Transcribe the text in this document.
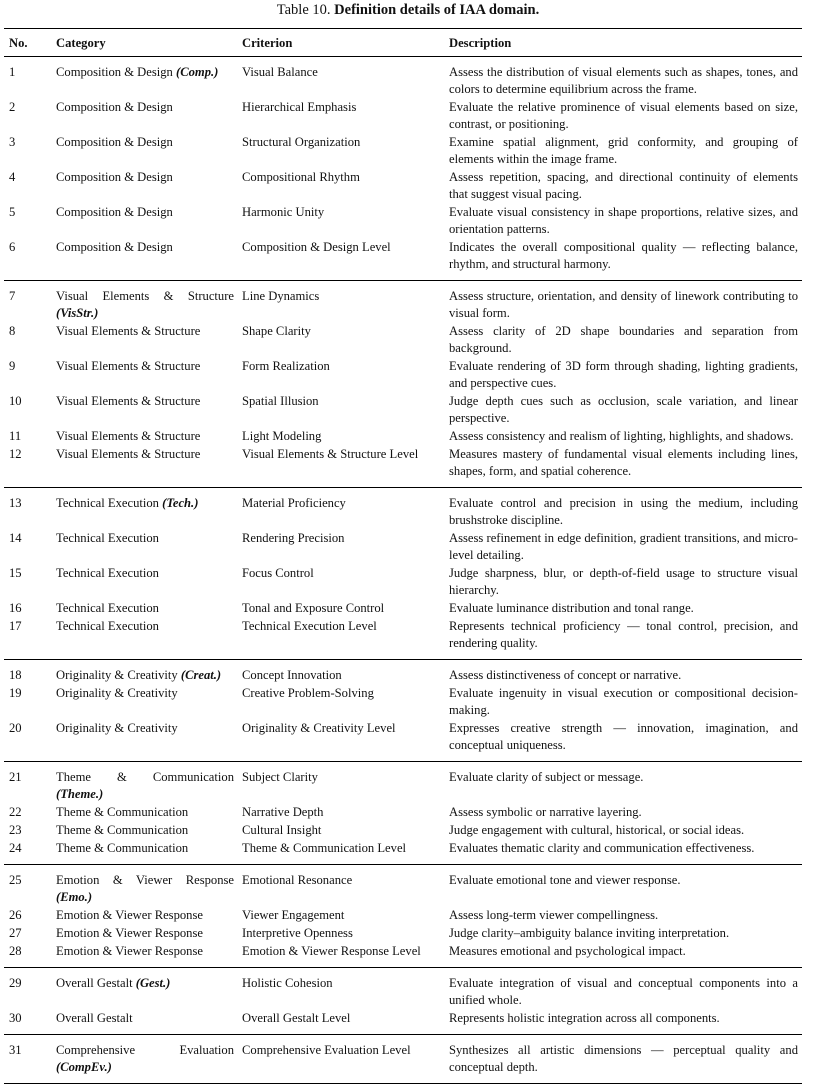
Table 10. Definition details of IAA domain.
No.	Category	Criterion	Description
1	Composition & Design (Comp.)	Visual Balance	Assess the distribution of visual elements such as shapes, tones, and colors to determine equilibrium across the frame.
2	Composition & Design	Hierarchical Emphasis	Evaluate the relative prominence of visual elements based on size, contrast, or positioning.
3	Composition & Design	Structural Organization	Examine spatial alignment, grid conformity, and grouping of elements within the image frame.
4	Composition & Design	Compositional Rhythm	Assess repetition, spacing, and directional continuity of elements that suggest visual pacing.
5	Composition & Design	Harmonic Unity	Evaluate visual consistency in shape proportions, relative sizes, and orientation patterns.
6	Composition & Design	Composition & Design Level	Indicates the overall compositional quality — reflecting balance, rhythm, and structural harmony.
7	Visual Elements & Structure (VisStr.)	Line Dynamics	Assess structure, orientation, and density of linework contributing to visual form.
8	Visual Elements & Structure	Shape Clarity	Assess clarity of 2D shape boundaries and separation from background.
9	Visual Elements & Structure	Form Realization	Evaluate rendering of 3D form through shading, lighting gradients, and perspective cues.
10	Visual Elements & Structure	Spatial Illusion	Judge depth cues such as occlusion, scale variation, and linear perspective.
11	Visual Elements & Structure	Light Modeling	Assess consistency and realism of lighting, highlights, and shadows.
12	Visual Elements & Structure	Visual Elements & Structure Level	Measures mastery of fundamental visual elements including lines, shapes, form, and spatial coherence.
13	Technical Execution (Tech.)	Material Proficiency	Evaluate control and precision in using the medium, including brushstroke discipline.
14	Technical Execution	Rendering Precision	Assess refinement in edge definition, gradient transitions, and micro-level detailing.
15	Technical Execution	Focus Control	Judge sharpness, blur, or depth-of-field usage to structure visual hierarchy.
16	Technical Execution	Tonal and Exposure Control	Evaluate luminance distribution and tonal range.
17	Technical Execution	Technical Execution Level	Represents technical proficiency — tonal control, precision, and rendering quality.
18	Originality & Creativity (Creat.)	Concept Innovation	Assess distinctiveness of concept or narrative.
19	Originality & Creativity	Creative Problem-Solving	Evaluate ingenuity in visual execution or compositional decision-making.
20	Originality & Creativity	Originality & Creativity Level	Expresses creative strength — innovation, imagination, and conceptual uniqueness.
21	Theme & Communication (Theme.)	Subject Clarity	Evaluate clarity of subject or message.
22	Theme & Communication	Narrative Depth	Assess symbolic or narrative layering.
23	Theme & Communication	Cultural Insight	Judge engagement with cultural, historical, or social ideas.
24	Theme & Communication	Theme & Communication Level	Evaluates thematic clarity and communication effectiveness.
25	Emotion & Viewer Response (Emo.)	Emotional Resonance	Evaluate emotional tone and viewer response.
26	Emotion & Viewer Response	Viewer Engagement	Assess long-term viewer compellingness.
27	Emotion & Viewer Response	Interpretive Openness	Judge clarity–ambiguity balance inviting interpretation.
28	Emotion & Viewer Response	Emotion & Viewer Response Level	Measures emotional and psychological impact.
29	Overall Gestalt (Gest.)	Holistic Cohesion	Evaluate integration of visual and conceptual components into a unified whole.
30	Overall Gestalt	Overall Gestalt Level	Represents holistic integration across all components.
31	Comprehensive Evaluation (CompEv.)	Comprehensive Evaluation Level	Synthesizes all artistic dimensions — perceptual quality and conceptual depth.
